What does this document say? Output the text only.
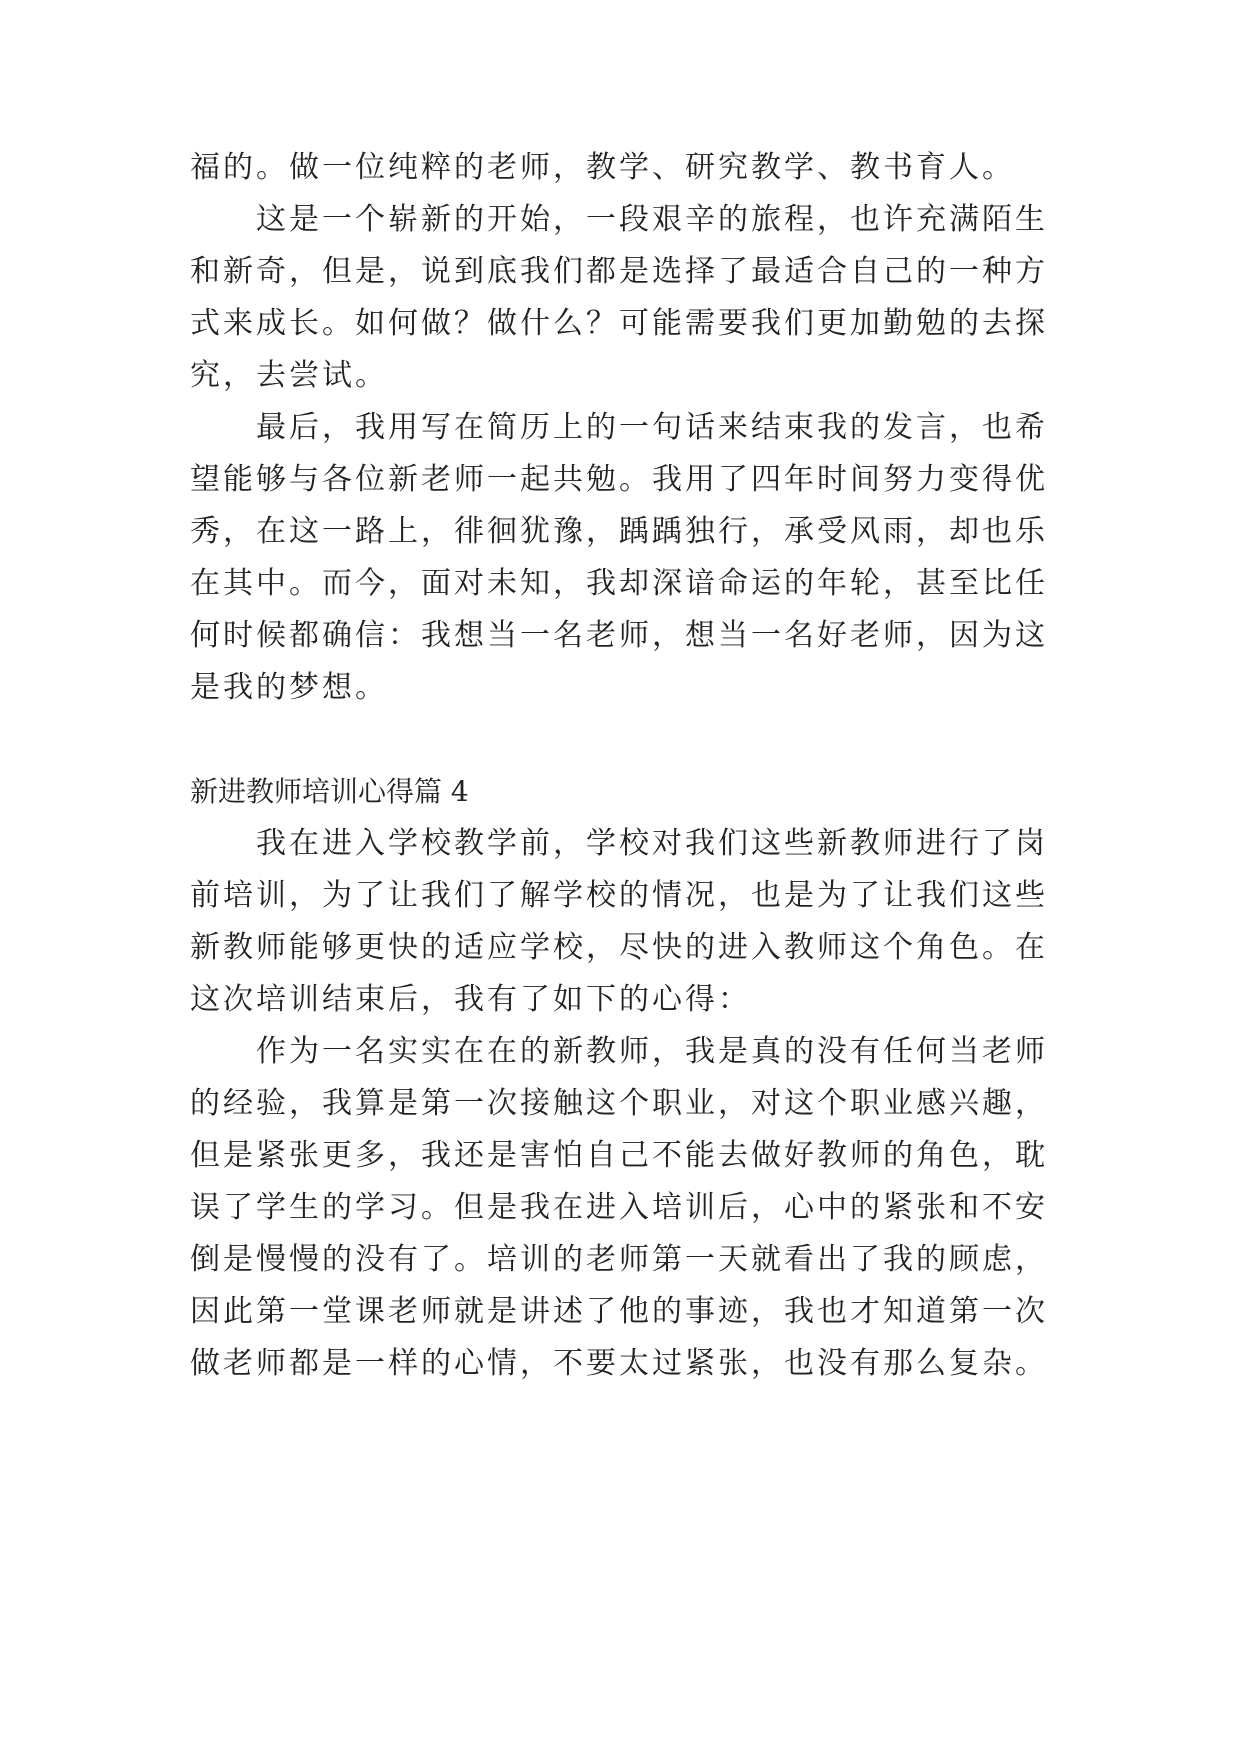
福的。做一位纯粹的老师，教学、研究教学、教书育人。
这是一个崭新的开始，一段艰辛的旅程，也许充满陌生
和新奇，但是，说到底我们都是选择了最适合自己的一种方
式来成长。如何做？做什么？可能需要我们更加勤勉的去探
究，去尝试。
最后，我用写在简历上的一句话来结束我的发言，也希
望能够与各位新老师一起共勉。我用了四年时间努力变得优
秀，在这一路上，徘徊犹豫，踽踽独行，承受风雨，却也乐
在其中。而今，面对未知，我却深谙命运的年轮，甚至比任
何时候都确信：我想当一名老师，想当一名好老师，因为这
是我的梦想。
新进教师培训心得篇 4
我在进入学校教学前，学校对我们这些新教师进行了岗
前培训，为了让我们了解学校的情况，也是为了让我们这些
新教师能够更快的适应学校，尽快的进入教师这个角色。在
这次培训结束后，我有了如下的心得：
作为一名实实在在的新教师，我是真的没有任何当老师
的经验，我算是第一次接触这个职业，对这个职业感兴趣，
但是紧张更多，我还是害怕自己不能去做好教师的角色，耽
误了学生的学习。但是我在进入培训后，心中的紧张和不安
倒是慢慢的没有了。培训的老师第一天就看出了我的顾虑，
因此第一堂课老师就是讲述了他的事迹，我也才知道第一次
做老师都是一样的心情，不要太过紧张，也没有那么复杂。
